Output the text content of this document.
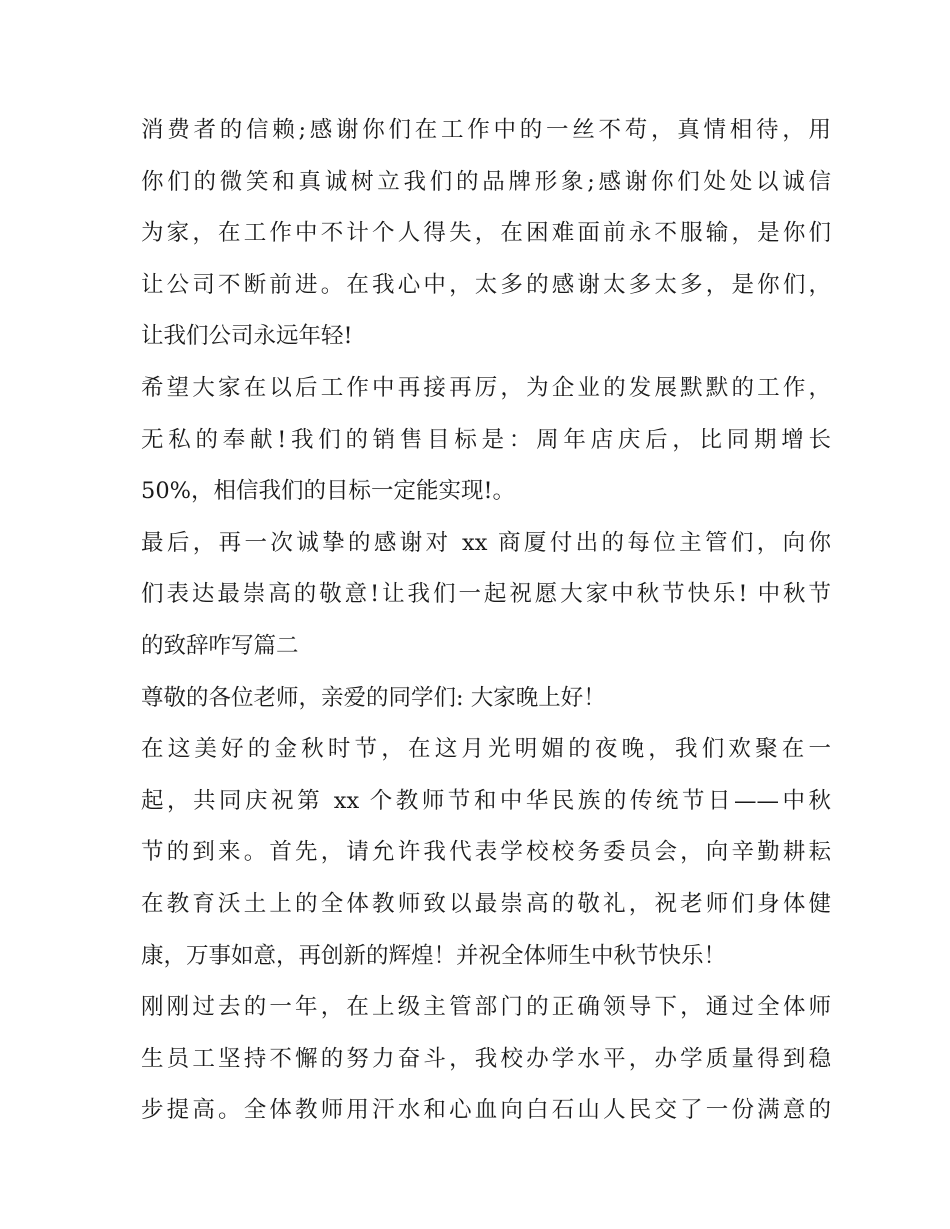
消费者的信赖;感谢你们在工作中的一丝不苟，真情相待，用
你们的微笑和真诚树立我们的品牌形象;感谢你们处处以诚信
为家，在工作中不计个人得失，在困难面前永不服输，是你们
让公司不断前进。在我心中，太多的感谢太多太多，是你们，
让我们公司永远年轻!
希望大家在以后工作中再接再厉，为企业的发展默默的工作，
无私的奉献!我们的销售目标是：周年店庆后，比同期增长
50%，相信我们的目标一定能实现!。
最后，再一次诚挚的感谢对 xx 商厦付出的每位主管们，向你
们表达最崇高的敬意!让我们一起祝愿大家中秋节快乐! 中秋节
的致辞咋写篇二
尊敬的各位老师，亲爱的同学们: 大家晚上好！
在这美好的金秋时节，在这月光明媚的夜晚，我们欢聚在一
起，共同庆祝第 xx 个教师节和中华民族的传统节日——中秋
节的到来。首先，请允许我代表学校校务委员会，向辛勤耕耘
在教育沃土上的全体教师致以最崇高的敬礼，祝老师们身体健
康，万事如意，再创新的辉煌！并祝全体师生中秋节快乐！
刚刚过去的一年，在上级主管部门的正确领导下，通过全体师
生员工坚持不懈的努力奋斗，我校办学水平，办学质量得到稳
步提高。全体教师用汗水和心血向白石山人民交了一份满意的
